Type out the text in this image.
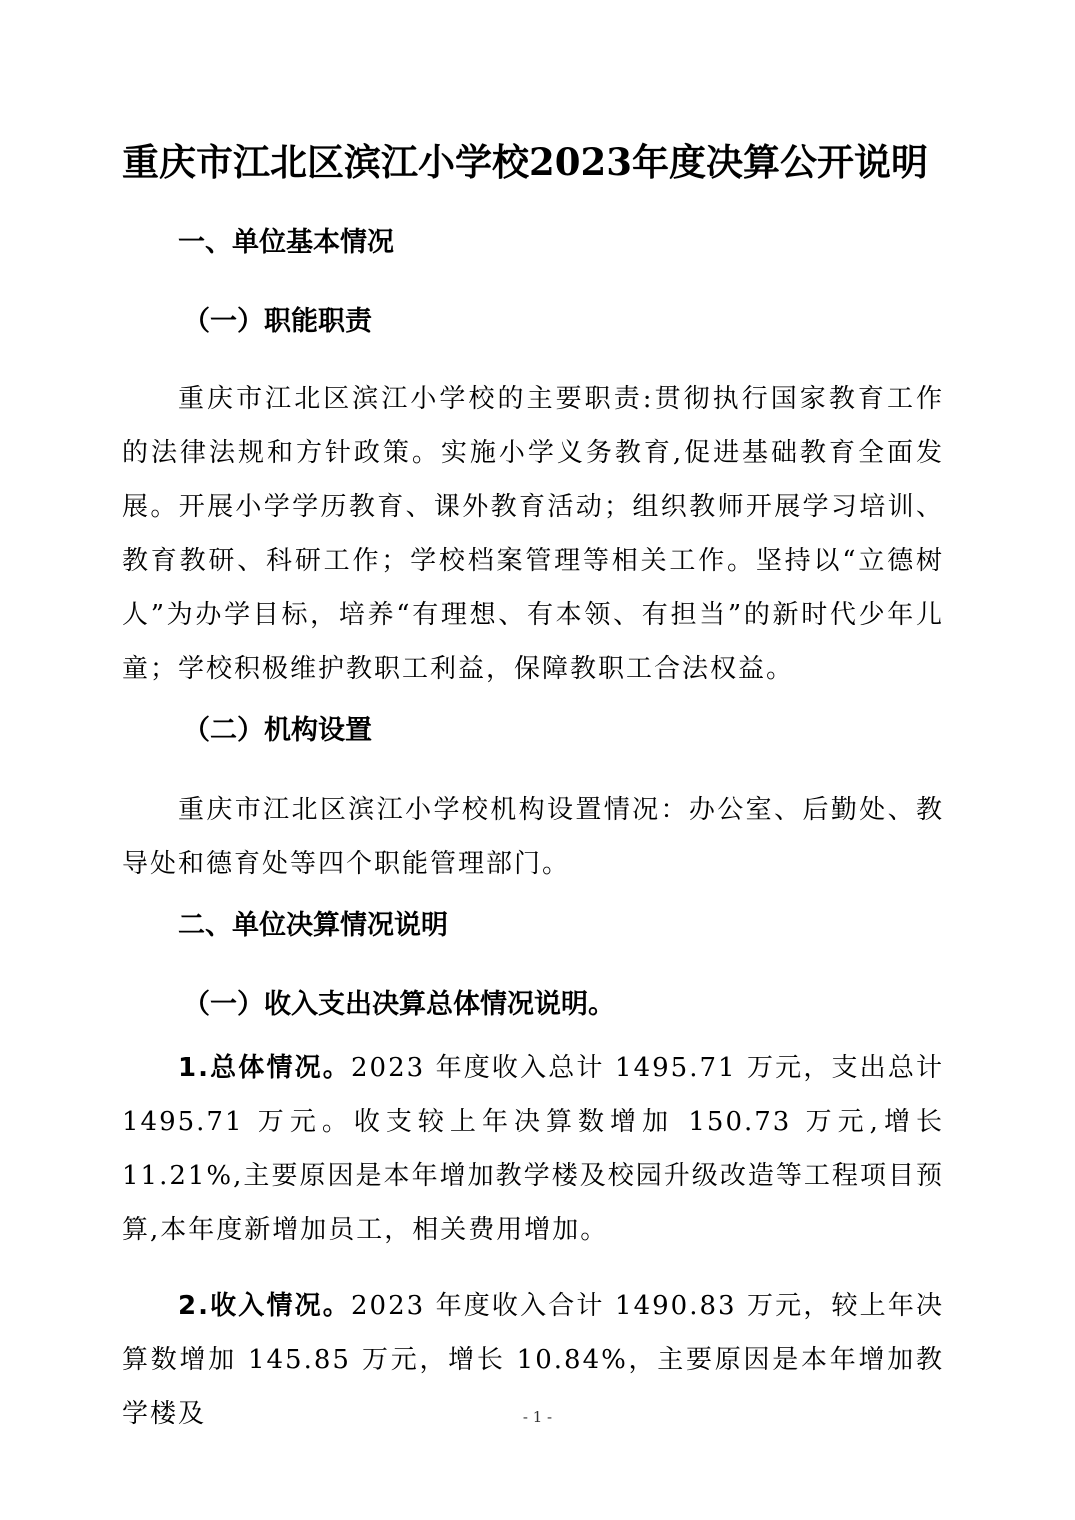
重庆市江北区滨江小学校2023年度决算公开说明
一、单位基本情况
（一）职能职责

重庆市江北区滨江小学校的主要职责:贯彻执行国家教育工作的法律法规和方针政策。实施小学义务教育,促进基础教育全面发展。开展小学学历教育、课外教育活动；组织教师开展学习培训、教育教研、科研工作；学校档案管理等相关工作。坚持以“立德树人”为办学目标，培养“有理想、有本领、有担当”的新时代少年儿童；学校积极维护教职工利益，保障教职工合法权益。

（二）机构设置

重庆市江北区滨江小学校机构设置情况：办公室、后勤处、教导处和德育处等四个职能管理部门。

二、单位决算情况说明
（一）收入支出决算总体情况说明。

1.总体情况。2023 年度收入总计 1495.71 万元，支出总计 1495.71 万元。收支较上年决算数增加 150.73 万元,增长 11.21%,主要原因是本年增加教学楼及校园升级改造等工程项目预算,本年度新增加员工，相关费用增加。

2.收入情况。2023 年度收入合计 1490.83 万元，较上年决算数增加 145.85 万元，增长 10.84%，主要原因是本年增加教学楼及	- 1 -
